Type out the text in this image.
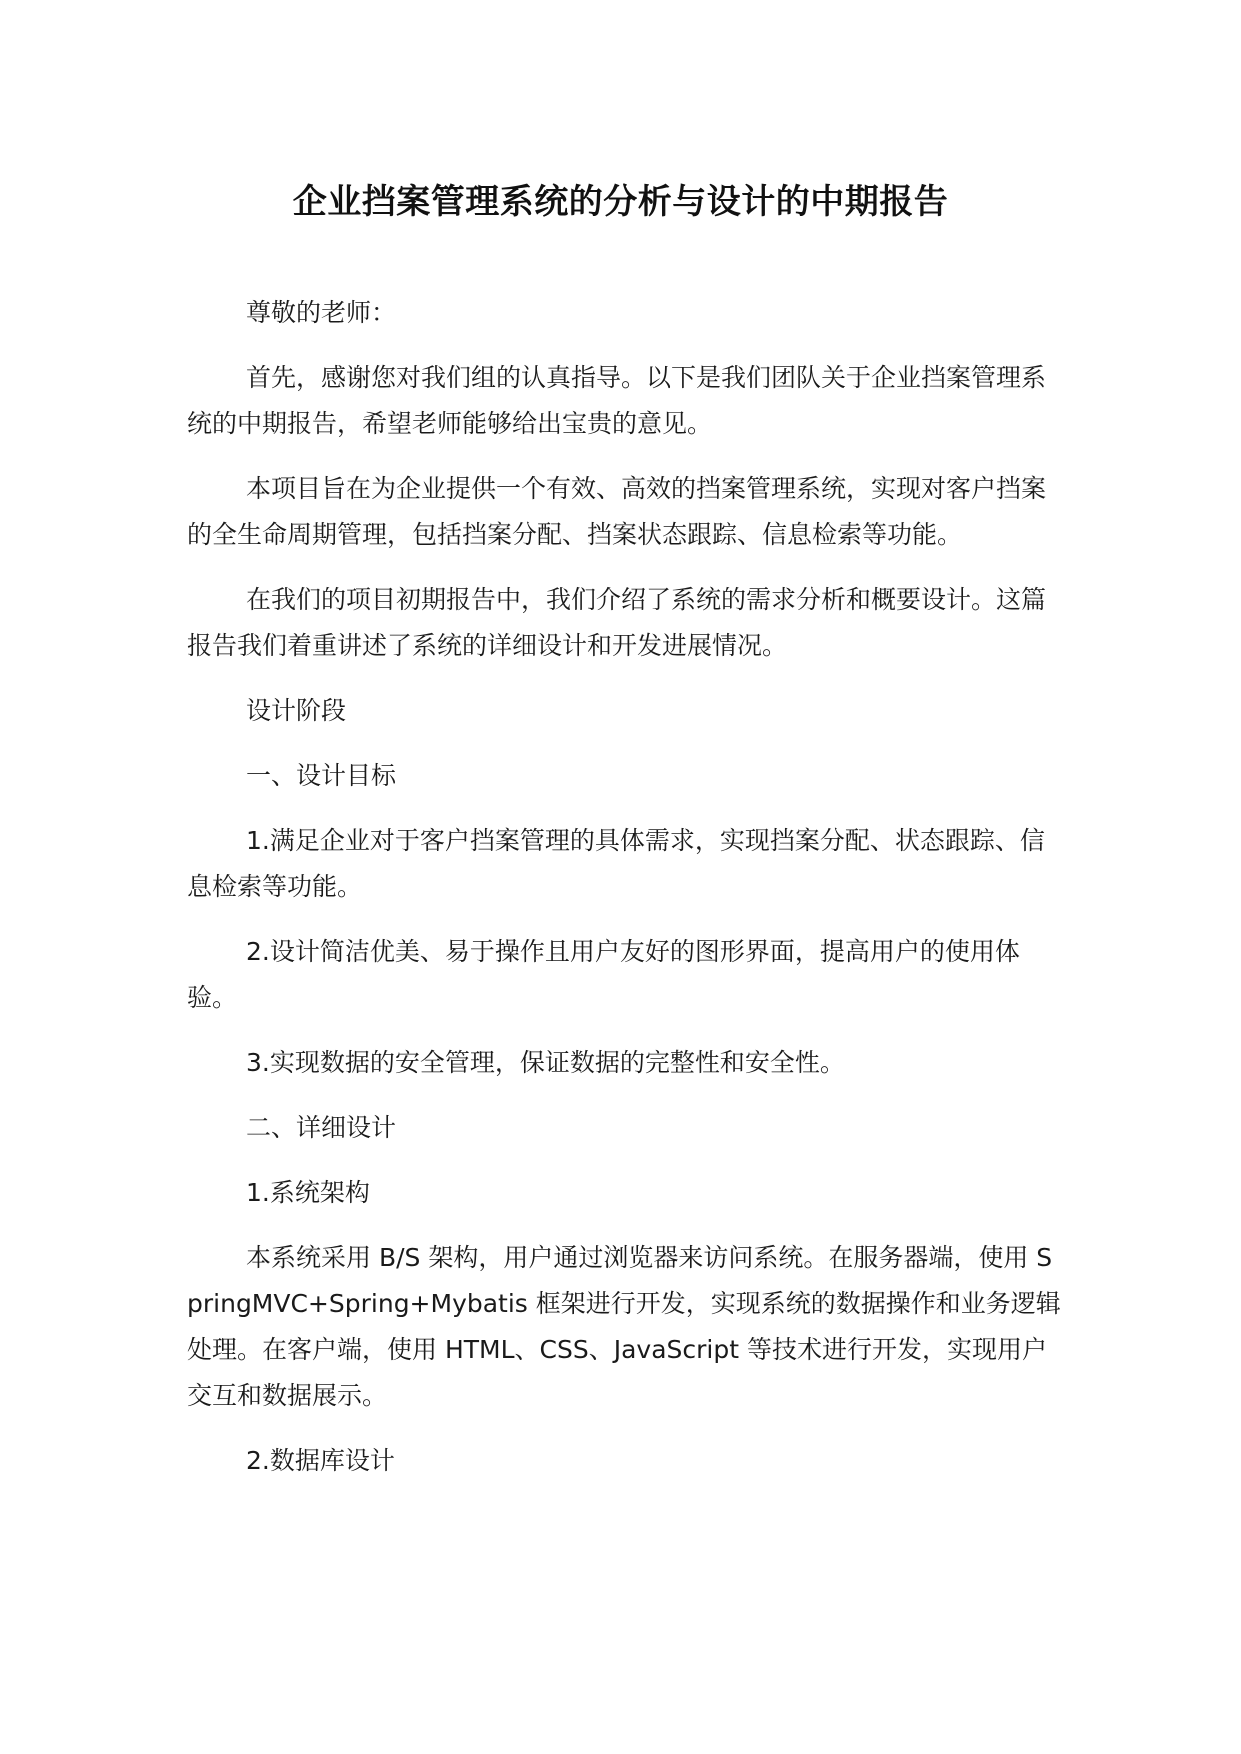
企业挡案管理系统的分析与设计的中期报告

尊敬的老师：

首先，感谢您对我们组的认真指导。以下是我们团队关于企业挡案管理系统的中期报告，希望老师能够给出宝贵的意见。

本项目旨在为企业提供一个有效、高效的挡案管理系统，实现对客户挡案的全生命周期管理，包括挡案分配、挡案状态跟踪、信息检索等功能。

在我们的项目初期报告中，我们介绍了系统的需求分析和概要设计。这篇报告我们着重讲述了系统的详细设计和开发进展情况。

设计阶段

一、设计目标

1.满足企业对于客户挡案管理的具体需求，实现挡案分配、状态跟踪、信息检索等功能。

2.设计简洁优美、易于操作且用户友好的图形界面，提高用户的使用体验。

3.实现数据的安全管理，保证数据的完整性和安全性。

二、详细设计

1.系统架构

本系统采用 B/S 架构，用户通过浏览器来访问系统。在服务器端，使用 SpringMVC+Spring+Mybatis 框架进行开发，实现系统的数据操作和业务逻辑处理。在客户端，使用 HTML、CSS、JavaScript 等技术进行开发，实现用户交互和数据展示。

2.数据库设计
